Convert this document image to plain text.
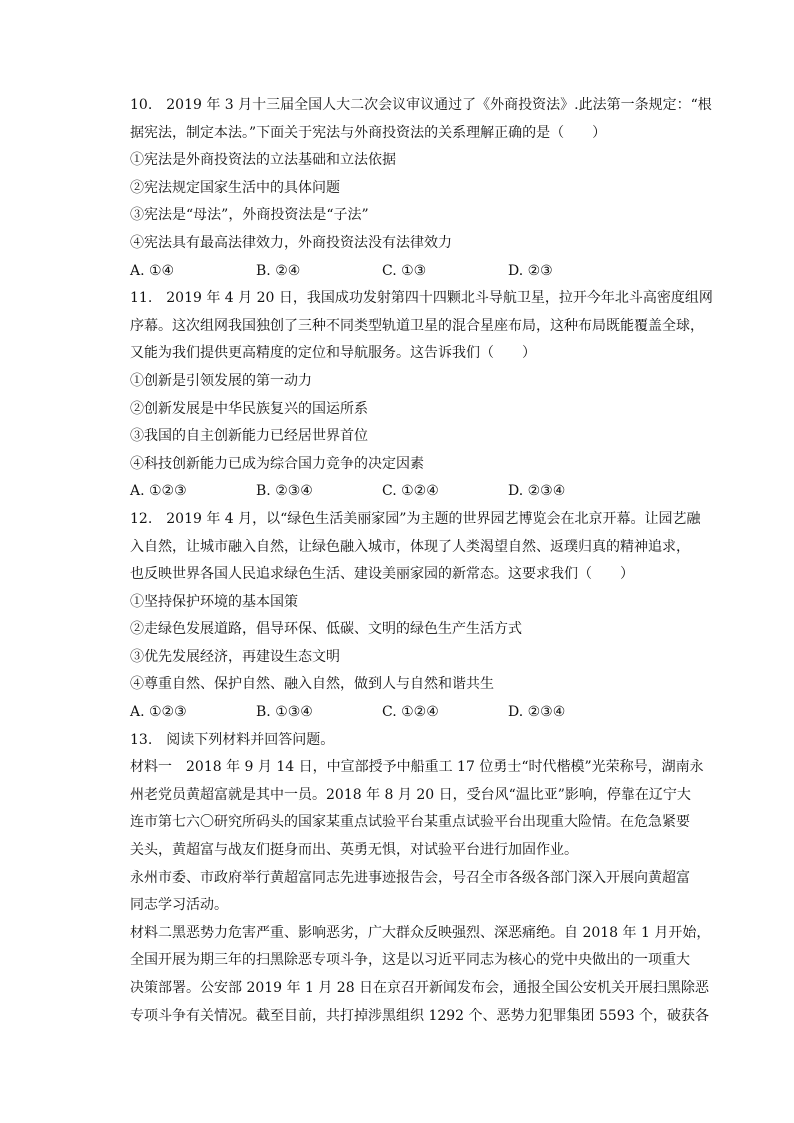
10.　2019 年 3 月十三届全国人大二次会议审议通过了《外商投资法》.此法第一条规定：“根
据宪法，制定本法。”下面关于宪法与外商投资法的关系理解正确的是（　　）
①宪法是外商投资法的立法基础和立法依据
②宪法规定国家生活中的具体问题
③宪法是“母法”，外商投资法是“子法”
④宪法具有最高法律效力，外商投资法没有法律效力
A. ①④	B. ②④	C. ①③	D. ②③
11.　2019 年 4 月 20 日，我国成功发射第四十四颗北斗导航卫星，拉开今年北斗高密度组网
序幕。这次组网我国独创了三种不同类型轨道卫星的混合星座布局，这种布局既能覆盖全球，
又能为我们提供更高精度的定位和导航服务。这告诉我们（　　）
①创新是引领发展的第一动力
②创新发展是中华民族复兴的国运所系
③我国的自主创新能力已经居世界首位
④科技创新能力已成为综合国力竞争的决定因素
A. ①②③	B. ②③④	C. ①②④	D. ②③④
12.　2019 年 4 月，以“绿色生活美丽家园”为主题的世界园艺博览会在北京开幕。让园艺融
入自然，让城市融入自然，让绿色融入城市，体现了人类渴望自然、返璞归真的精神追求，
也反映世界各国人民追求绿色生活、建设美丽家园的新常态。这要求我们（　　）
①坚持保护环境的基本国策
②走绿色发展道路，倡导环保、低碳、文明的绿色生产生活方式
③优先发展经济，再建设生态文明
④尊重自然、保护自然、融入自然，做到人与自然和谐共生
A. ①②③	B. ①③④	C. ①②④	D. ②③④
13.　阅读下列材料并回答问题。
材料一　2018 年 9 月 14 日，中宣部授予中船重工 17 位勇士“时代楷模”光荣称号，湖南永
州老党员黄超富就是其中一员。2018 年 8 月 20 日，受台风“温比亚”影响，停靠在辽宁大
连市第七六〇研究所码头的国家某重点试验平台某重点试验平台出现重大险情。在危急紧要
关头，黄超富与战友们挺身而出、英勇无惧，对试验平台进行加固作业。
永州市委、市政府举行黄超富同志先进事迹报告会，号召全市各级各部门深入开展向黄超富
同志学习活动。
材料二黑恶势力危害严重、影响恶劣，广大群众反映强烈、深恶痛绝。自 2018 年 1 月开始，
全国开展为期三年的扫黑除恶专项斗争，这是以习近平同志为核心的党中央做出的一项重大
决策部署。公安部 2019 年 1 月 28 日在京召开新闻发布会，通报全国公安机关开展扫黑除恶
专项斗争有关情况。截至目前，共打掉涉黑组织 1292 个、恶势力犯罪集团 5593 个，破获各
